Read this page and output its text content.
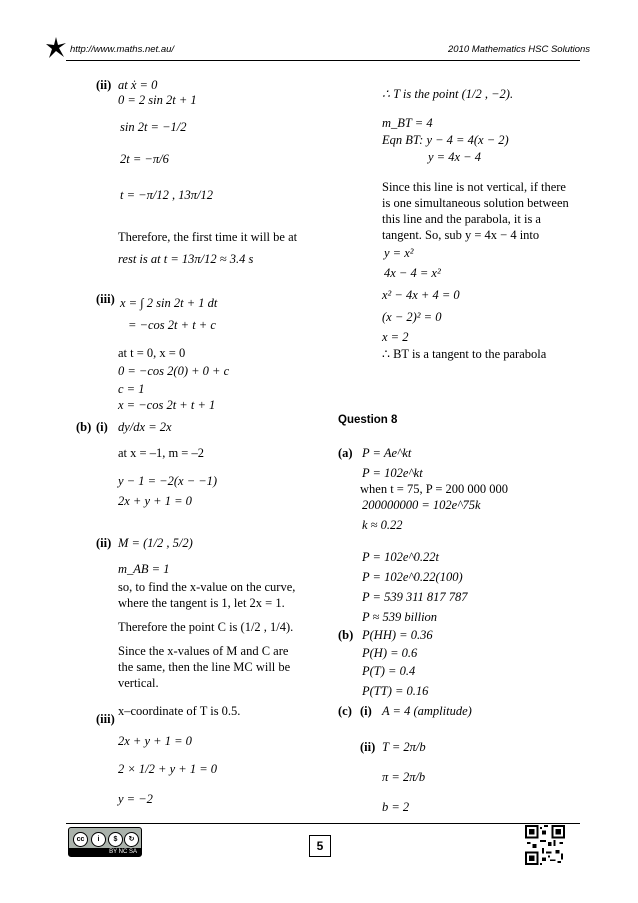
http://www.maths.net.au/	2010 Mathematics HSC Solutions
(ii) at ẋ = 0
0 = 2 sin 2t + 1
sin 2t = −1/2
2t = −π/6
t = −π/12 , 13π/12
Therefore, the first time it will be at
rest is at t = 13π/12 ≈ 3.4 s
(iii) x = ∫ 2 sin 2t + 1 dt
= −cos 2t + t + c
at t = 0, x = 0
0 = −cos 2(0) + 0 + c
c = 1
x = −cos 2t + t + 1
(b) (i) dy/dx = 2x
at x = –1, m = –2
y − 1 = −2(x − −1)
2x + y + 1 = 0
(ii) M = (1/2 , 5/2)
m_AB = 1
so, to find the x-value on the curve,
where the tangent is 1, let 2x = 1.
Therefore the point C is (1/2 , 1/4).
Since the x-values of M and C are
the same, then the line MC will be
vertical.
(iii)
x–coordinate of T is 0.5.
2x + y + 1 = 0
2 × 1/2 + y + 1 = 0
y = −2
∴ T is the point (1/2 , −2).
m_BT = 4
Eqn BT: y − 4 = 4(x − 2)
y = 4x − 4
Since this line is not vertical, if there
is one simultaneous solution between
this line and the parabola, it is a
tangent. So, sub y = 4x − 4 into
y = x²
4x − 4 = x²
x² − 4x + 4 = 0
(x − 2)² = 0
x = 2
∴ BT is a tangent to the parabola
Question 8
(a) P = Ae^kt
P = 102e^kt
when t = 75, P = 200 000 000
200000000 = 102e^75k
k ≈ 0.22
P = 102e^0.22t
P = 102e^0.22(100)
P = 539 311 817 787
P ≈ 539 billion
(b) P(HH) = 0.36
P(H) = 0.6
P(T) = 0.4
P(TT) = 0.16
(c) (i) A = 4 (amplitude)
(ii) T = 2π/b
π = 2π/b
b = 2
cc	i	$	↻
BY NC SA	5
